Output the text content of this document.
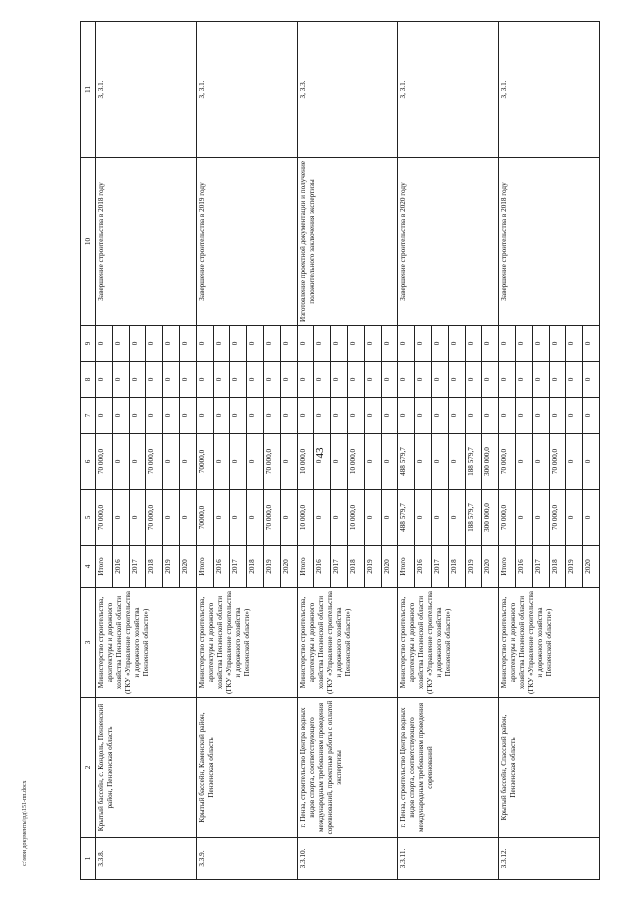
43
1	2	3	4	5	6	7	8	9	10	11
3.3.8.	Крытый бассейн, с. Кондоль, Пензенский район, Пензенская область	Министерство строительства, архитектуры и дорожного хозяйства Пензенской области (ГКУ «Управление строительства и дорожного хозяйства Пензенской области»)	Итого	70 000,0	70 000,0	0	0	0	Завершение строительства в 2018 году	3, 3.1.
			2016	0	0	0	0	0		
			2017	0	0	0	0	0		
			2018	70 000,0	70 000,0	0	0	0		
			2019	0	0	0	0	0		
			2020	0	0	0	0	0		
3.3.9.	Крытый бассейн, Каменский район, Пензенская область	Министерство строительства, архитектуры и дорожного хозяйства Пензенской области (ГКУ «Управление строительства и дорожного хозяйства Пензенской области»)	Итого	70000,0	70000,0	0	0	0	Завершение строительства в 2019 году	3, 3.1.
			2016	0	0	0	0	0		
			2017	0	0	0	0	0		
			2018	0	0	0	0	0		
			2019	70 000,0	70 000,0	0	0	0		
			2020	0	0	0	0	0		
3.3.10.	г. Пенза, строительство Центра водных видов спорта, соответствующего международным требованиям проведения соревнований, проектные работы с оплатой экспертизы	Министерство строительства, архитектуры и дорожного хозяйства Пензенской области (ГКУ «Управление строительства и дорожного хозяйства Пензенской области»)	Итого	10 000,0	10 000,0	0	0	0	Изготовление проектной документации и получение положительного заключения экспертизы	3, 3.3.
			2016	0	0	0	0	0		
			2017	0	0	0	0	0		
			2018	10 000,0	10 000,0	0	0	0		
			2019	0	0	0	0	0		
			2020	0	0	0	0	0		
3.3.11.	г. Пенза, строительство Центра водных видов спорта, соответствующего международным требованиям проведения соревнований	Министерство строительства, архитектуры и дорожного хозяйства Пензенской области (ГКУ «Управление строительства и дорожного хозяйства Пензенской области»)	Итого	488 579,7	488 579,7	0	0	0	Завершение строительства в 2020 году	3, 3.1.
			2016	0	0	0	0	0		
			2017	0	0	0	0	0		
			2018	0	0	0	0	0		
			2019	188 579,7	188 579,7	0	0	0		
			2020	300 000,0	300 000,0	0	0	0		
3.3.12.	Крытый бассейн, Спасский район, Пензенская область	Министерство строительства, архитектуры и дорожного хозяйства Пензенской области (ГКУ «Управление строительства и дорожного хозяйства Пензенской области»)	Итого	70 000,0	70 000,0	0	0	0	Завершение строительства в 2018 году	3, 3.1.
			2016	0	0	0	0	0		
			2017	0	0	0	0	0		
			2018	70 000,0	70 000,0	0	0	0		
			2019	0	0	0	0	0		
			2020	0	0	0	0	0		
c:\мои документы\рд\151-пп.docx
